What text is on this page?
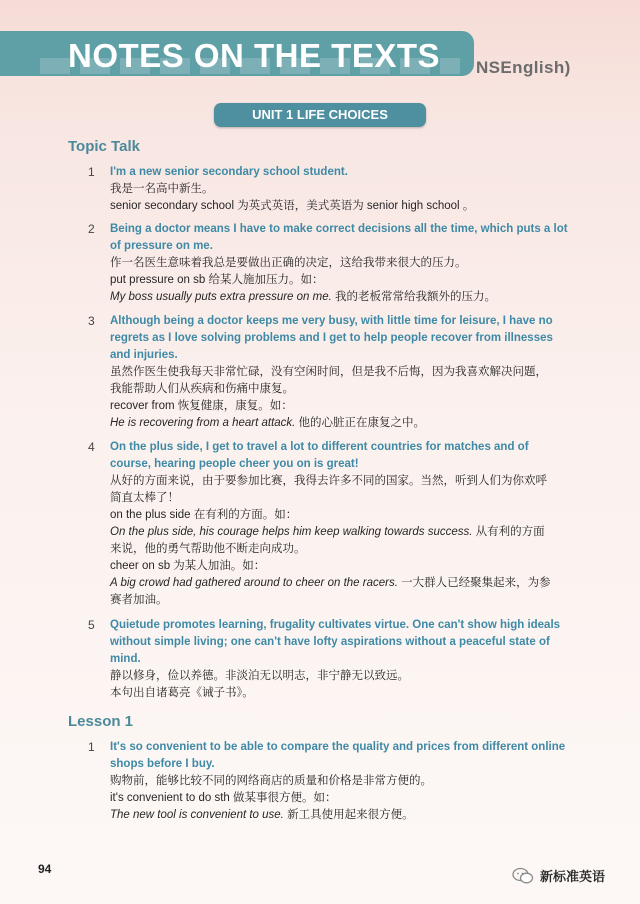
NOTES ON THE TEXTS NSEnglish)
UNIT 1 LIFE CHOICES
Topic Talk
1	I'm a new senior secondary school student.
我是一名高中新生。
senior secondary school 为英式英语，美式英语为 senior high school 。
2	Being a doctor means I have to make correct decisions all the time, which puts a lot
of pressure on me.
作一名医生意味着我总是要做出正确的决定，这给我带来很大的压力。
put pressure on sb 给某人施加压力。如：
My boss usually puts extra pressure on me. 我的老板常常给我额外的压力。
3	Although being a doctor keeps me very busy, with little time for leisure, I have no
regrets as I love solving problems and I get to help people recover from illnesses
and injuries.
虽然作医生使我每天非常忙碌，没有空闲时间，但是我不后悔，因为我喜欢解决问题，
我能帮助人们从疾病和伤痛中康复。
recover from 恢复健康，康复。如：
He is recovering from a heart attack. 他的心脏正在康复之中。
4	On the plus side, I get to travel a lot to different countries for matches and of
course, hearing people cheer you on is great!
从好的方面来说，由于要参加比赛，我得去许多不同的国家。当然，听到人们为你欢呼
简直太棒了！
on the plus side 在有利的方面。如：
On the plus side, his courage helps him keep walking towards success. 从有利的方面
来说，他的勇气帮助他不断走向成功。
cheer on sb 为某人加油。如：
A big crowd had gathered around to cheer on the racers. 一大群人已经聚集起来，为参
赛者加油。
5	Quietude promotes learning, frugality cultivates virtue. One can't show high ideals
without simple living; one can't have lofty aspirations without a peaceful state of
mind.
静以修身，俭以养德。非淡泊无以明志，非宁静无以致远。
本句出自诸葛亮《诫子书》。
Lesson 1
1	It's so convenient to be able to compare the quality and prices from different online
shops before I buy.
购物前，能够比较不同的网络商店的质量和价格是非常方便的。
it's convenient to do sth 做某事很方便。如：
The new tool is convenient to use. 新工具使用起来很方便。
94	新标准英语
